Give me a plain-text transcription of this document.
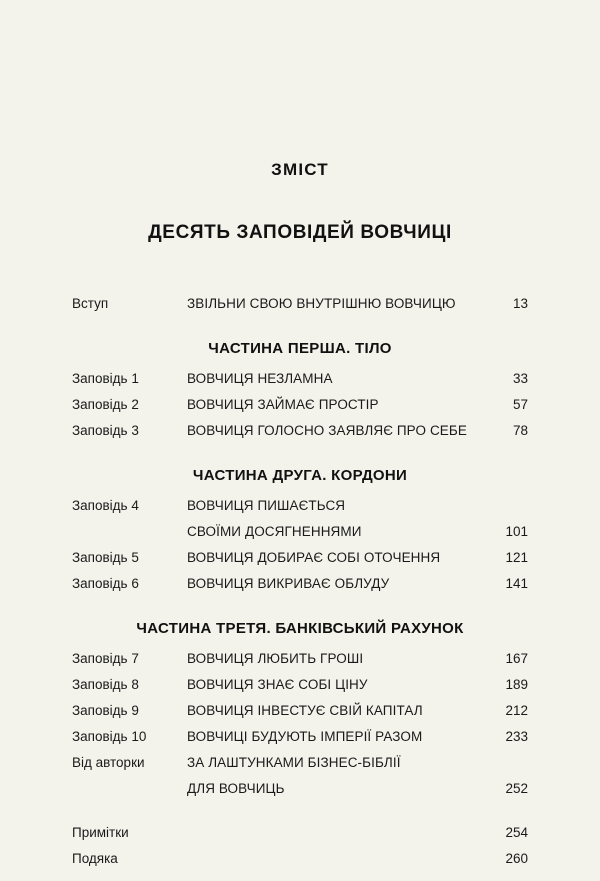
ЗМІСТ
ДЕСЯТЬ ЗАПОВІДЕЙ ВОВЧИЦІ
Вступ	ЗВІЛЬНИ СВОЮ ВНУТРІШНЮ ВОВЧИЦЮ	13

ЧАСТИНА ПЕРША. ТІЛО		

Заповідь 1	ВОВЧИЦЯ НЕЗЛАМНА	33
Заповідь 2	ВОВЧИЦЯ ЗАЙМАЄ ПРОСТІР	57
Заповідь 3	ВОВЧИЦЯ ГОЛОСНО ЗАЯВЛЯЄ ПРО СЕБЕ	78

ЧАСТИНА ДРУГА. КОРДОНИ		

Заповідь 4	ВОВЧИЦЯ ПИШАЄТЬСЯ	
	СВОЇМИ ДОСЯГНЕННЯМИ	101
Заповідь 5	ВОВЧИЦЯ ДОБИРАЄ СОБІ ОТОЧЕННЯ	121
Заповідь 6	ВОВЧИЦЯ ВИКРИВАЄ ОБЛУДУ	141

ЧАСТИНА ТРЕТЯ. БАНКІВСЬКИЙ РАХУНОК		

Заповідь 7	ВОВЧИЦЯ ЛЮБИТЬ ГРОШІ	167
Заповідь 8	ВОВЧИЦЯ ЗНАЄ СОБІ ЦІНУ	189
Заповідь 9	ВОВЧИЦЯ ІНВЕСТУЄ СВІЙ КАПІТАЛ	212
Заповідь 10	ВОВЧИЦІ БУДУЮТЬ ІМПЕРІЇ РАЗОМ	233
Від авторки	ЗА ЛАШТУНКАМИ БІЗНЕС-БІБЛІЇ	
	ДЛЯ ВОВЧИЦЬ	252

Примітки		254
Подяка		260
